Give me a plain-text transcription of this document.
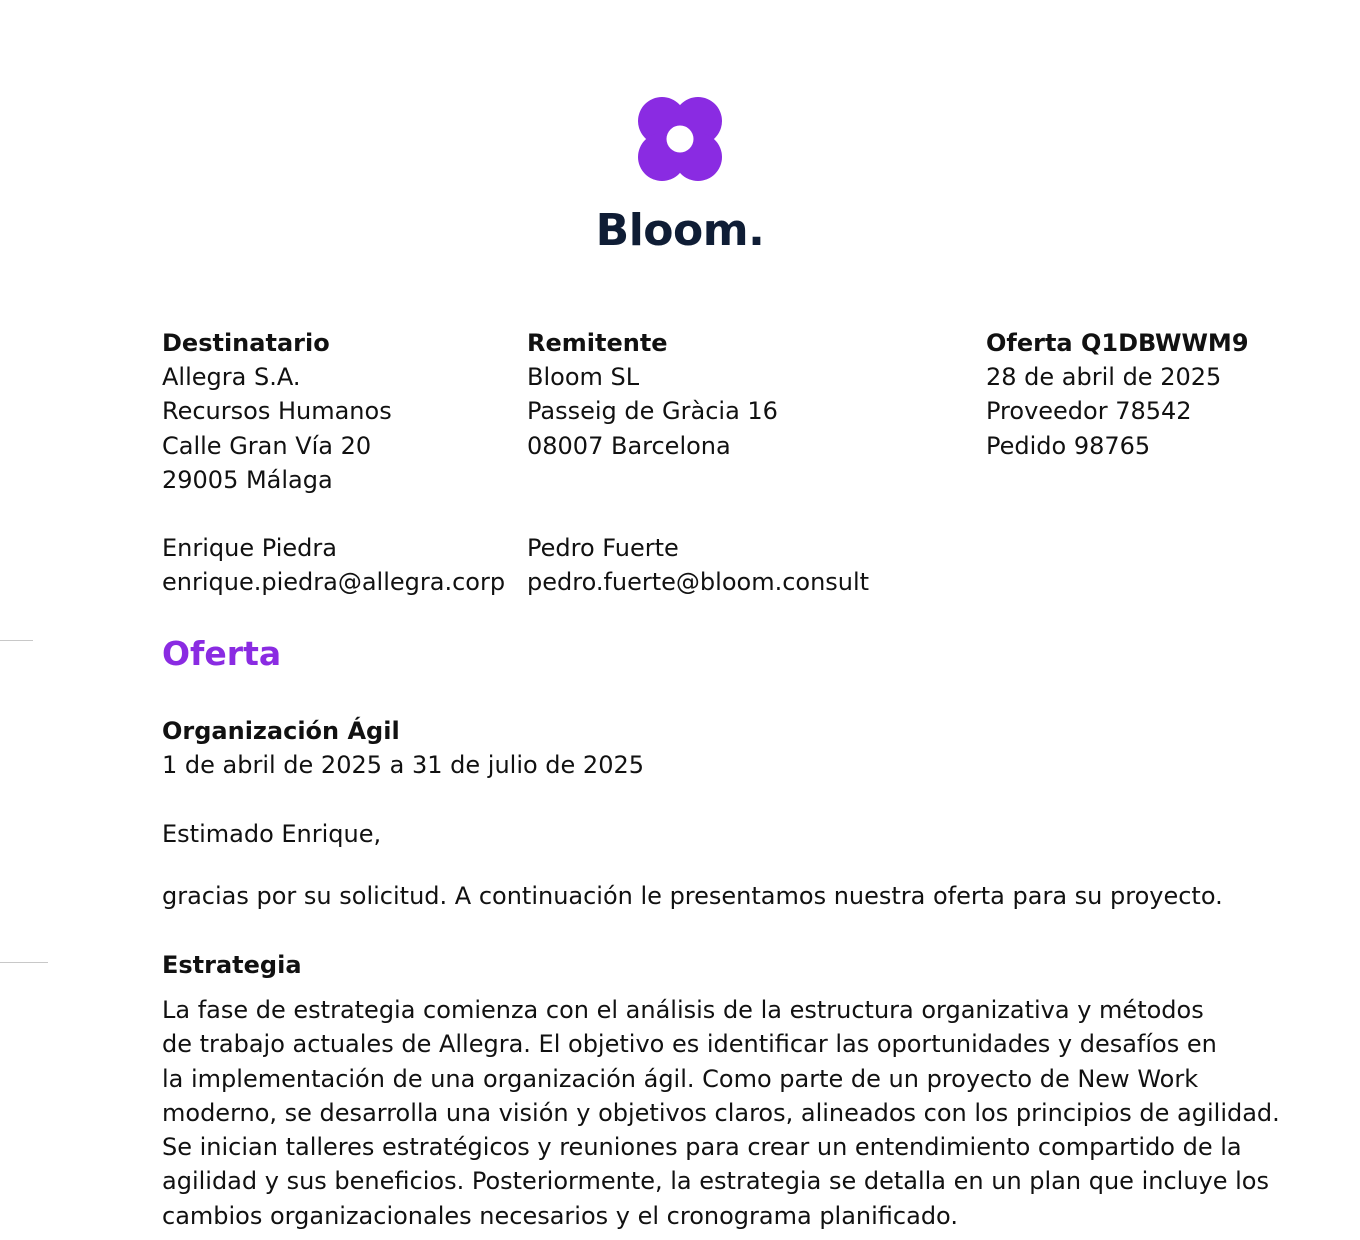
Bloom.
Destinatario
Allegra S.A.
Recursos Humanos
Calle Gran Vía 20
29005 Málaga
Enrique Piedra
enrique.piedra@allegra.corp
Remitente
Bloom SL
Passeig de Gràcia 16
08007 Barcelona
Pedro Fuerte
pedro.fuerte@bloom.consult
Oferta Q1DBWWM9
28 de abril de 2025
Proveedor 78542
Pedido 98765
Oferta
Organización Ágil
1 de abril de 2025 a 31 de julio de 2025
Estimado Enrique,
gracias por su solicitud. A continuación le presentamos nuestra oferta para su proyecto.
Estrategia
La fase de estrategia comienza con el análisis de la estructura organizativa y métodos
de trabajo actuales de Allegra. El objetivo es identificar las oportunidades y desafíos en
la implementación de una organización ágil. Como parte de un proyecto de New Work
moderno, se desarrolla una visión y objetivos claros, alineados con los principios de agilidad.
Se inician talleres estratégicos y reuniones para crear un entendimiento compartido de la
agilidad y sus beneficios. Posteriormente, la estrategia se detalla en un plan que incluye los
cambios organizacionales necesarios y el cronograma planificado.
